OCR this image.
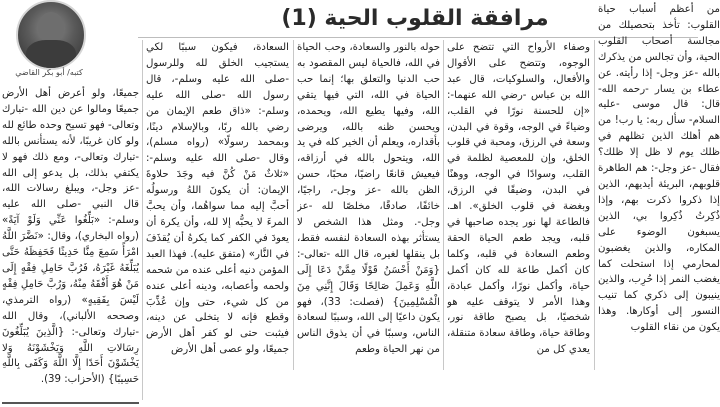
مرافقة القلوب الحية (1)
كتبه/ أبو بكر القاضي

من أعظم أسباب حياة القلوب: تأخذ بتحصيلك من مجالسة أصحاب القلوب الحية، وأن تجالس من يذكرك بالله -عز وجل- إذا رأيته. عن عطاء بن يسار -رحمه الله- قال: قال موسى -عليه السلام- سأل ربه: يا رب! من هم أهلك الذين تظلهم في ظلك يوم لا ظل إلا ظلك؟ فقال -عز وجل-: هم الطاهرة قلوبهم، البريئة أيديهم، الذين إذا ذكروا ذكرت بهم، وإذا ذُكِرتُ ذُكِروا بي، الذين يسبغون الوضوء على المكاره، والذين يغضبون لمحارمي إذا استحلت كما يغضب النمر إذا حُرِب، والذين ينيبون إلى ذكري كما تنيب النسور إلى أوكارها. وهذا يكون من نقاء القلوب

وصفاء الأرواح التي تتضح على الوجوه، وتتضح على الأقوال والأفعال، والسلوكيات، قال عبد الله بن عباس -رضي الله عنهما-: «إن للحسنة نورًا في القلب، وضياءً في الوجه، وقوة في البدن، وسعة في الرزق، ومحبة في قلوب الخلق، وإن للمعصية لظلمة في القلب، وسوادًا في الوجه، ووهنًا في البدن، وضيقًا في الرزق، وبغضة في قلوب الخلق». اهـ. فالطاعة لها نور يجده صاحبها في قلبه، ويجد طعم الحياة الحقة وطعم السعادة في قلبه، وكلما كان أكمل طاعة لله كان أكمل حياة، وأكمل نورًا، وأكمل عبادة، وهذا الأمر لا يتوقف عليه هو شخصيًا، بل يصبح طاقة نور، وطاقة حياة، وطاقة سعادة متنقلة، يعدي كل من

حوله بالنور والسعادة، وحب الحياة في الله، فالحياة ليس المقصود به حب الدنيا والتعلق بها؛ إنما حب الحياة في الله، التي فيها يتقي الله، وفيها يطيع الله، ويحمده، ويحسن ظنه بالله، ويرضى بأقداره، ويعلم أن الخير كله في يد الله، ويتحول بالله في أرزاقه، فيعيش قانعًا راضيًا، محبًا، حسن الظن بالله -عز وجل-، راجيًا، خائفًا، صادقًا، مخلصًا لله -عز وجل-. ومثل هذا الشخص لا يستأثر بهذه السعادة لنفسه فقط، بل ينقلها لغيره، قال الله -تعالى-: {وَمَنْ أَحْسَنُ قَوْلًا مِمَّنْ دَعَا إِلَى اللَّهِ وَعَمِلَ صَالِحًا وَقَالَ إِنَّنِي مِنَ الْمُسْلِمِينَ} (فصلت: 33)، فهو يكون داعيًا إلى الله، وسببًا لسعادة الناس، وسببًا في أن يذوق الناس من نهر الحياة وطعم

السعادة، فيكون سببًا لكي يستجيب الخلق لله وللرسول -صلى الله عليه وسلم-، قال رسول الله -صلى الله عليه وسلم-: «ذاق طعم الإيمان من رضي بالله ربًا، وبالإسلام دينًا، وبمحمد رسولًا» (رواه مسلم)، وقال -صلى الله عليه وسلم-: «ثلاثٌ مَنْ كُنَّ فيه وجَدَ حلاوةَ الإيمان: أن يكونَ اللهُ ورسولُه أحبَّ إليه مما سواهُما، وأن يحبَّ المرءَ لا يحبُّه إلا لله، وأن يكرهَ أن يعودَ في الكفر كما يكرهُ أن يُقذَفَ في النَّار» (متفق عليه). فهذا العبد المؤمن دنيه أعلى عنده من شحمه ولحمه وأعصابه، ودينه أعلى عنده من كل شيء، حتى وإن عُذِّبَ وقطع فإنه لا يتخلى عن دينه، فيثبت حتى لو كفر أهل الأرض جميعًا، ولو عصى أهل الأرض

جميعًا، ولو أعرض أهل الأرض جميعًا ومالوا عن دين الله -تبارك وتعالى- فهو تسيح وحده طائع لله ولو كان غريبًا، لأنه يستأنس بالله -تبارك وتعالى-، ومع ذلك فهو لا يكتفي بذلك، بل يدعو إلى الله -عز وجل-، ويبلغ رسالات الله، قال النبي -صلى الله عليه وسلم-: «بَلِّغُوا عَنِّي وَلَوْ آيَةً» (رواه البخاري)، وقال: «نَضَّرَ اللَّهُ امْرَأً سَمِعَ مِنَّا حَدِيثًا فَحَفِظَهُ حَتَّى يُبَلِّغَهُ غَيْرَهُ، فَرُبَّ حَامِلِ فِقْهٍ إِلَى مَنْ هُوَ أَفْقَهُ مِنْهُ، وَرُبَّ حَامِلِ فِقْهٍ لَيْسَ بِفَقِيهٍ» (رواه الترمذي، وصححه الألباني)، وقال الله -تبارك وتعالى-: {الَّذِينَ يُبَلِّغُونَ رِسَالاتِ اللَّهِ وَيَخْشَوْنَهُ وَلا يَخْشَوْنَ أَحَدًا إِلَّا اللَّهَ وَكَفَى بِاللَّهِ حَسِيبًا} (الأحزاب: 39).
